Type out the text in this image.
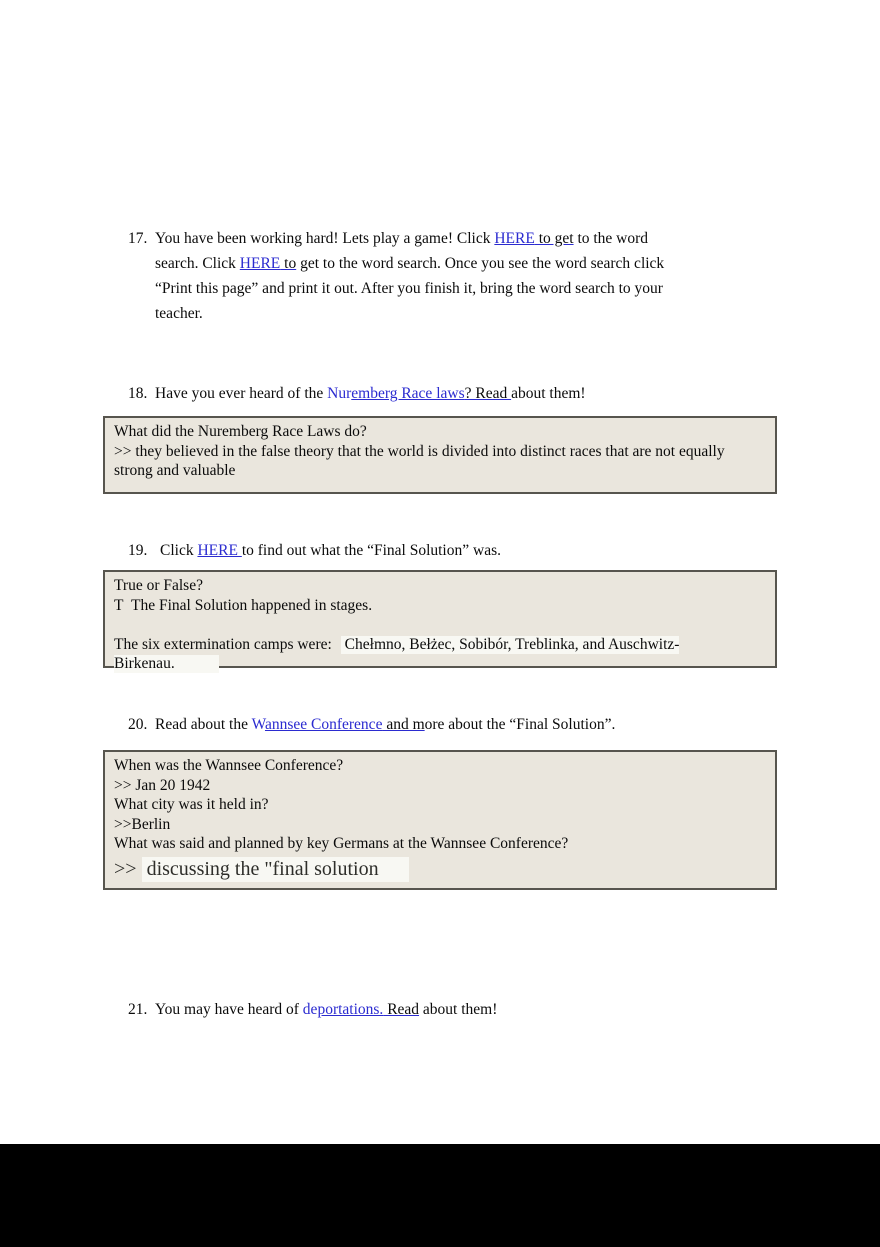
17. You have been working hard! Lets play a game! Click HERE to get to the word search. Click HERE to get to the word search. Once you see the word search click “Print this page” and print it out. After you finish it, bring the word search to your teacher.

18. Have you ever heard of the Nuremberg Race laws? Read about them!

What did the Nuremberg Race Laws do?
>> they believed in the false theory that the world is divided into distinct races that are not equally strong and valuable

19. Click HERE to find out what the “Final Solution” was.

True or False?
T The Final Solution happened in stages.
The six extermination camps were: Chełmno, Bełżec, Sobibór, Treblinka, and Auschwitz-Birkenau.

20. Read about the Wannsee Conference and more about the “Final Solution”.

When was the Wannsee Conference?
>> Jan 20 1942
What city was it held in?
>>Berlin
What was said and planned by key Germans at the Wannsee Conference?
>> discussing the "final solution

21. You may have heard of deportations. Read about them!
